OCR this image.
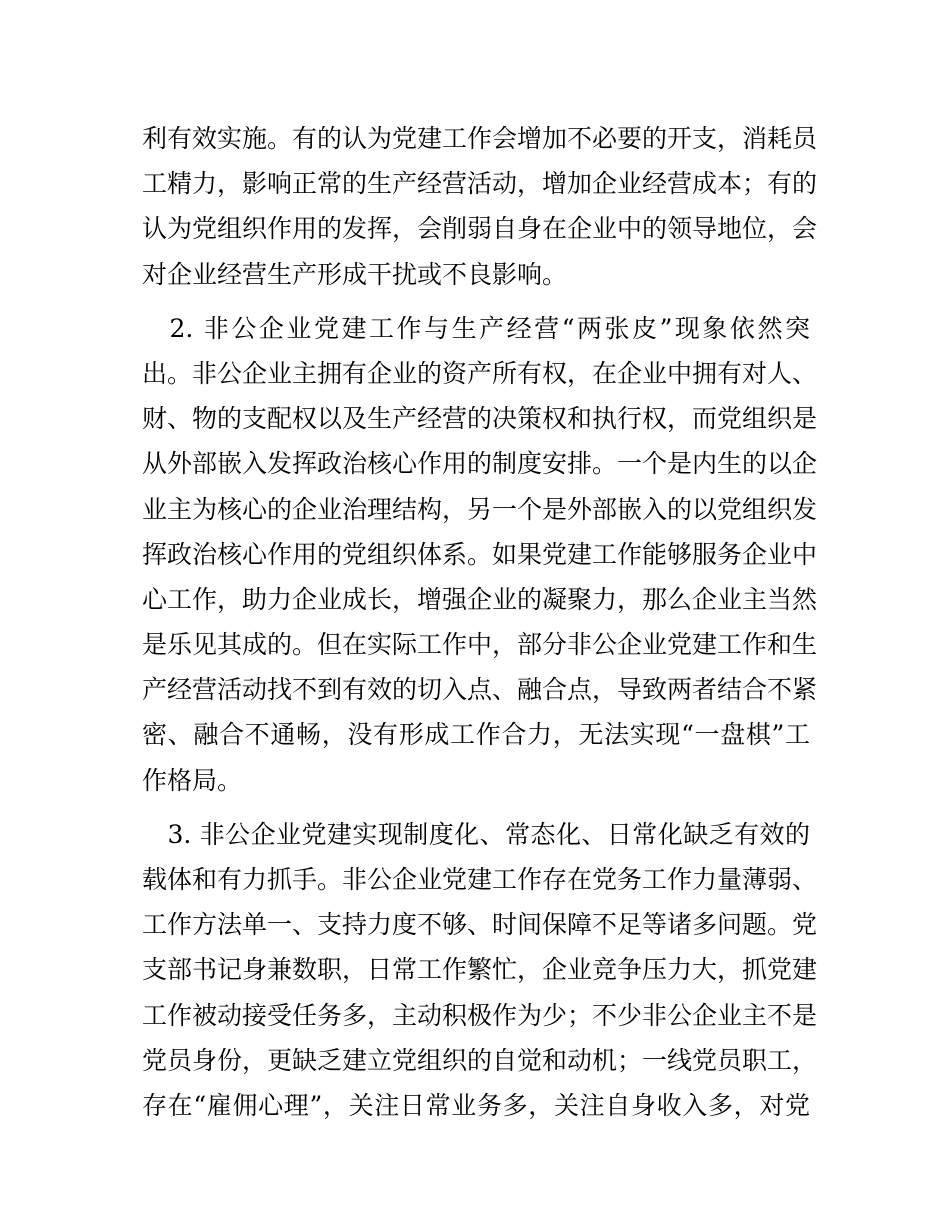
利有效实施。有的认为党建工作会增加不必要的开支，消耗员
工精力，影响正常的生产经营活动，增加企业经营成本；有的
认为党组织作用的发挥，会削弱自身在企业中的领导地位，会
对企业经营生产形成干扰或不良影响。
　2. 非公企业党建工作与生产经营“两张皮”现象依然突
出。非公企业主拥有企业的资产所有权，在企业中拥有对人、
财、物的支配权以及生产经营的决策权和执行权，而党组织是
从外部嵌入发挥政治核心作用的制度安排。一个是内生的以企
业主为核心的企业治理结构，另一个是外部嵌入的以党组织发
挥政治核心作用的党组织体系。如果党建工作能够服务企业中
心工作，助力企业成长，增强企业的凝聚力，那么企业主当然
是乐见其成的。但在实际工作中，部分非公企业党建工作和生
产经营活动找不到有效的切入点、融合点，导致两者结合不紧
密、融合不通畅，没有形成工作合力，无法实现“一盘棋”工
作格局。
　3. 非公企业党建实现制度化、常态化、日常化缺乏有效的
载体和有力抓手。非公企业党建工作存在党务工作力量薄弱、
工作方法单一、支持力度不够、时间保障不足等诸多问题。党
支部书记身兼数职，日常工作繁忙，企业竞争压力大，抓党建
工作被动接受任务多，主动积极作为少；不少非公企业主不是
党员身份，更缺乏建立党组织的自觉和动机；一线党员职工，
存在“雇佣心理”，关注日常业务多，关注自身收入多，对党
